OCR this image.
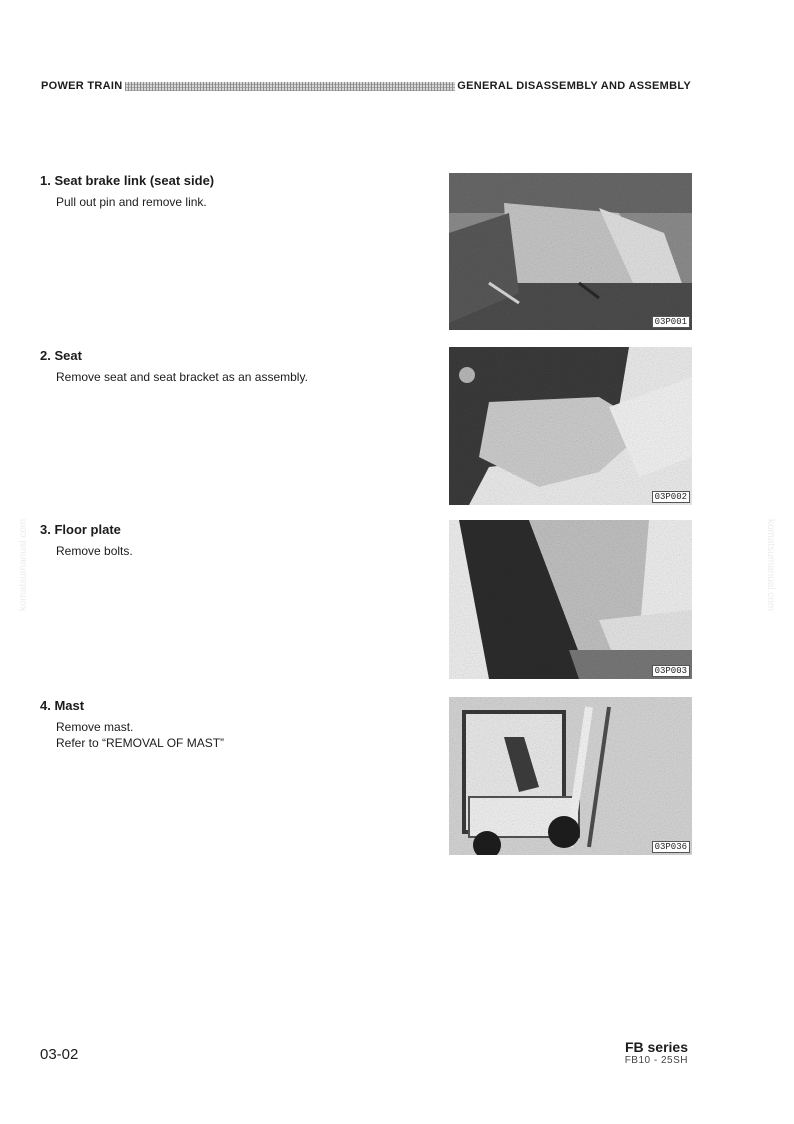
POWER TRAIN	GENERAL DISASSEMBLY AND ASSEMBLY
komatsumanual.com	komatsumanual.com
1. Seat brake link (seat side)
Pull out pin and remove link.
03P001
2. Seat
Remove seat and seat bracket as an assembly.
03P002
3. Floor plate
Remove bolts.
03P003
4. Mast
Remove mast.
Refer to “REMOVAL OF MAST”
03P036
03-02	FB series
FB10 - 25SH
